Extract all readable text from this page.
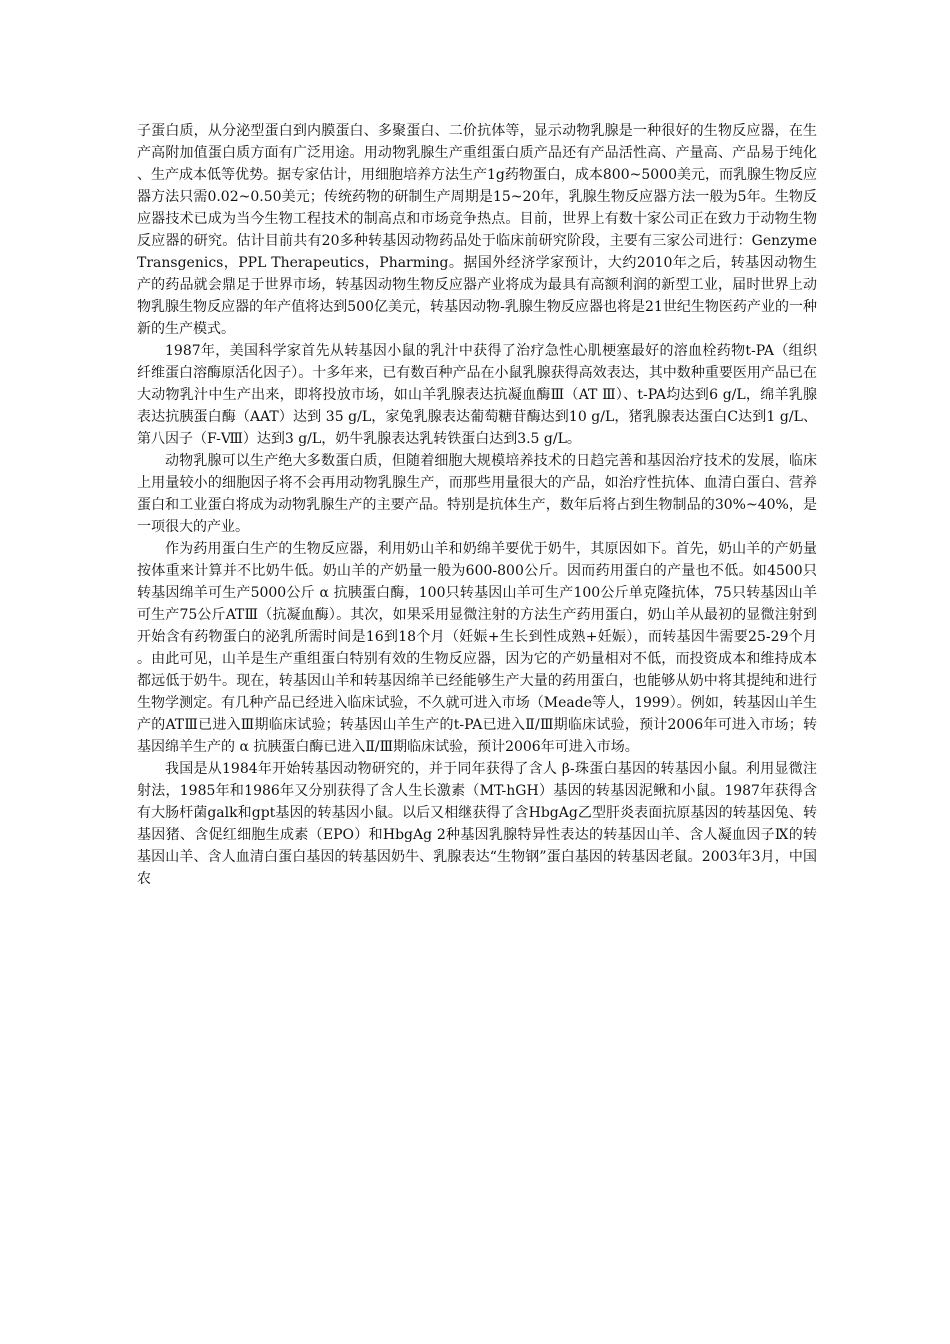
子蛋白质，从分泌型蛋白到内膜蛋白、多聚蛋白、二价抗体等，显示动物乳腺是一种很好的生物反应器，在生产高附加值蛋白质方面有广泛用途。用动物乳腺生产重组蛋白质产品还有产品活性高、产量高、产品易于纯化、生产成本低等优势。据专家估计，用细胞培养方法生产1g药物蛋白，成本800~5000美元，而乳腺生物反应器方法只需0.02~0.50美元；传统药物的研制生产周期是15~20年，乳腺生物反应器方法一般为5年。生物反应器技术已成为当今生物工程技术的制高点和市场竞争热点。目前，世界上有数十家公司正在致力于动物生物反应器的研究。估计目前共有20多种转基因动物药品处于临床前研究阶段，主要有三家公司进行：Genzyme Transgenics，PPL Therapeutics，Pharming。据国外经济学家预计，大约2010年之后，转基因动物生产的药品就会鼎足于世界市场，转基因动物生物反应器产业将成为最具有高额利润的新型工业，届时世界上动物乳腺生物反应器的年产值将达到500亿美元，转基因动物-乳腺生物反应器也将是21世纪生物医药产业的一种新的生产模式。

1987年，美国科学家首先从转基因小鼠的乳汁中获得了治疗急性心肌梗塞最好的溶血栓药物t-PA（组织纤维蛋白溶酶原活化因子）。十多年来，已有数百种产品在小鼠乳腺获得高效表达，其中数种重要医用产品已在大动物乳汁中生产出来，即将投放市场，如山羊乳腺表达抗凝血酶Ⅲ（AT Ⅲ）、t-PA均达到6 g/L，绵羊乳腺表达抗胰蛋白酶（AAT）达到 35 g/L，家兔乳腺表达葡萄糖苷酶达到10 g/L，猪乳腺表达蛋白C达到1 g/L、第八因子（F-Ⅷ）达到3 g/L，奶牛乳腺表达乳转铁蛋白达到3.5 g/L。

动物乳腺可以生产绝大多数蛋白质，但随着细胞大规模培养技术的日趋完善和基因治疗技术的发展，临床上用量较小的细胞因子将不会再用动物乳腺生产，而那些用量很大的产品，如治疗性抗体、血清白蛋白、营养蛋白和工业蛋白将成为动物乳腺生产的主要产品。特别是抗体生产，数年后将占到生物制品的30%~40%，是一项很大的产业。

作为药用蛋白生产的生物反应器，利用奶山羊和奶绵羊要优于奶牛，其原因如下。首先，奶山羊的产奶量按体重来计算并不比奶牛低。奶山羊的产奶量一般为600-800公斤。因而药用蛋白的产量也不低。如4500只转基因绵羊可生产5000公斤 α 抗胰蛋白酶，100只转基因山羊可生产100公斤单克隆抗体，75只转基因山羊可生产75公斤ATⅢ（抗凝血酶）。其次，如果采用显微注射的方法生产药用蛋白，奶山羊从最初的显微注射到开始含有药物蛋白的泌乳所需时间是16到18个月（妊娠+生长到性成熟+妊娠），而转基因牛需要25-29个月。由此可见，山羊是生产重组蛋白特别有效的生物反应器，因为它的产奶量相对不低，而投资成本和维持成本都远低于奶牛。现在，转基因山羊和转基因绵羊已经能够生产大量的药用蛋白，也能够从奶中将其提纯和进行生物学测定。有几种产品已经进入临床试验，不久就可进入市场（Meade等人，1999）。例如，转基因山羊生产的ATⅢ已进入Ⅲ期临床试验；转基因山羊生产的t-PA已进入Ⅱ/Ⅲ期临床试验，预计2006年可进入市场；转基因绵羊生产的 α 抗胰蛋白酶已进入Ⅱ/Ⅲ期临床试验，预计2006年可进入市场。

我国是从1984年开始转基因动物研究的，并于同年获得了含人 β-珠蛋白基因的转基因小鼠。利用显微注射法，1985年和1986年又分别获得了含人生长激素（MT-hGH）基因的转基因泥鳅和小鼠。1987年获得含有大肠杆菌galk和gpt基因的转基因小鼠。以后又相继获得了含HbgAg乙型肝炎表面抗原基因的转基因兔、转基因猪、含促红细胞生成素（EPO）和HbgAg 2种基因乳腺特异性表达的转基因山羊、含人凝血因子Ⅸ的转基因山羊、含人血清白蛋白基因的转基因奶牛、乳腺表达“生物钢”蛋白基因的转基因老鼠。2003年3月，中国农
